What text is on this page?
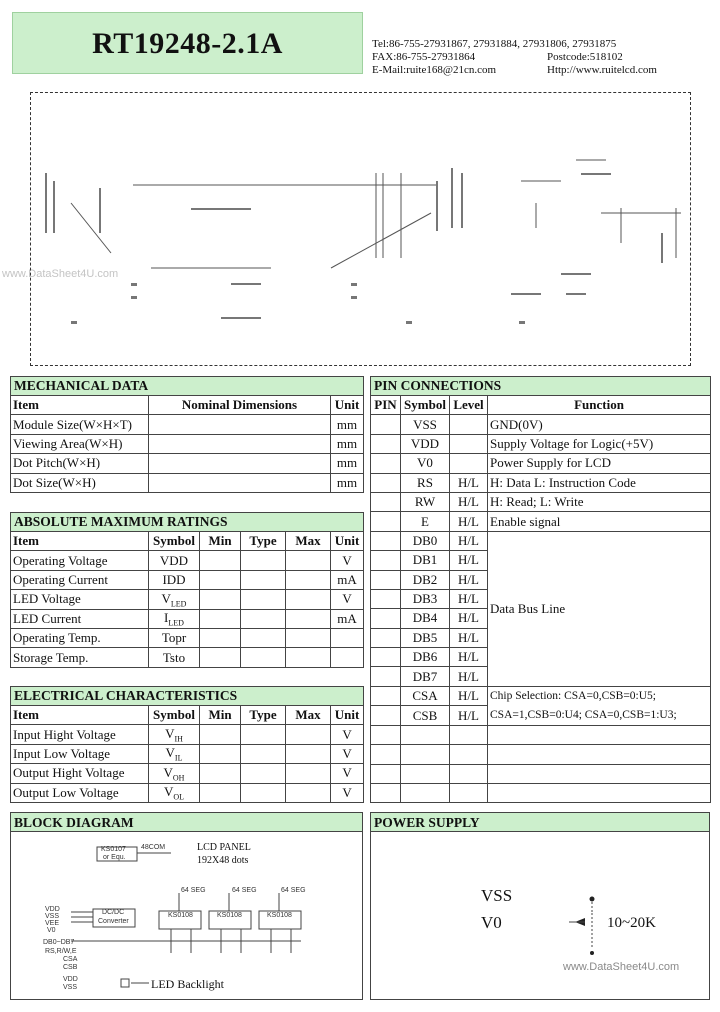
RT19248-2.1A	Tel:86-755-27931867, 27931884, 27931806, 27931875
FAX:86-755-27931864	Postcode:518102
E-Mail:ruite168@21cn.com	Http://www.ruitelcd.com
www.DataSheet4U.com
MECHANICAL DATA		
Item	Nominal Dimensions	Unit
Module Size(W×H×T)		mm
Viewing Area(W×H)		mm
Dot Pitch(W×H)		mm
Dot Size(W×H)		mm
ABSOLUTE MAXIMUM RATINGS					
Item	Symbol	Min	Type	Max	Unit
Operating Voltage	VDD				V
Operating Current	IDD				mA
LED Voltage	$V_{LED}$				V
LED Current	$I_{LED}$				mA
Operating Temp.	Topr				
Storage Temp.	Tsto				
ELECTRICAL CHARACTERISTICS					
Item	Symbol	Min	Type	Max	Unit
Input Hight Voltage	$V_{IH}$				V
Input Low Voltage	$V_{IL}$				V
Output Hight Voltage	$V_{OH}$				V
Output Low Voltage	$V_{OL}$				V
PIN CONNECTIONS			
PIN	Symbol	Level	Function
	VSS		GND(0V)
	VDD		Supply Voltage for Logic(+5V)
	V0		Power Supply for LCD
	RS	H/L	H: Data L: Instruction Code
	RW	H/L	H: Read; L: Write
	E	H/L	Enable signal
	DB0	H/L	Data Bus Line
	DB1	H/L	
	DB2	H/L	
	DB3	H/L	
	DB4	H/L	
	DB5	H/L	
	DB6	H/L	
	DB7	H/L	
	CSA	H/L	Chip Selection: CSA=0,CSB=0:U5;
CSA=1,CSB=0:U4; CSA=0,CSB=1:U3;

	CSB	H/L	

BLOCK DIAGRAM
LCD PANEL
192X48 dots
KS0107
or Equ.
48COM
64 SEG	64 SEG	64 SEG
KS0108	KS0108	KS0108
DC/DC
Converter
VDD
VSS
VEE
V0
DB0~DB7
RS,R/W,E
CSA
CSB
VDD
VSS	LED Backlight
POWER SUPPLY
VSS
V0	10~20K
www.DataSheet4U.com
